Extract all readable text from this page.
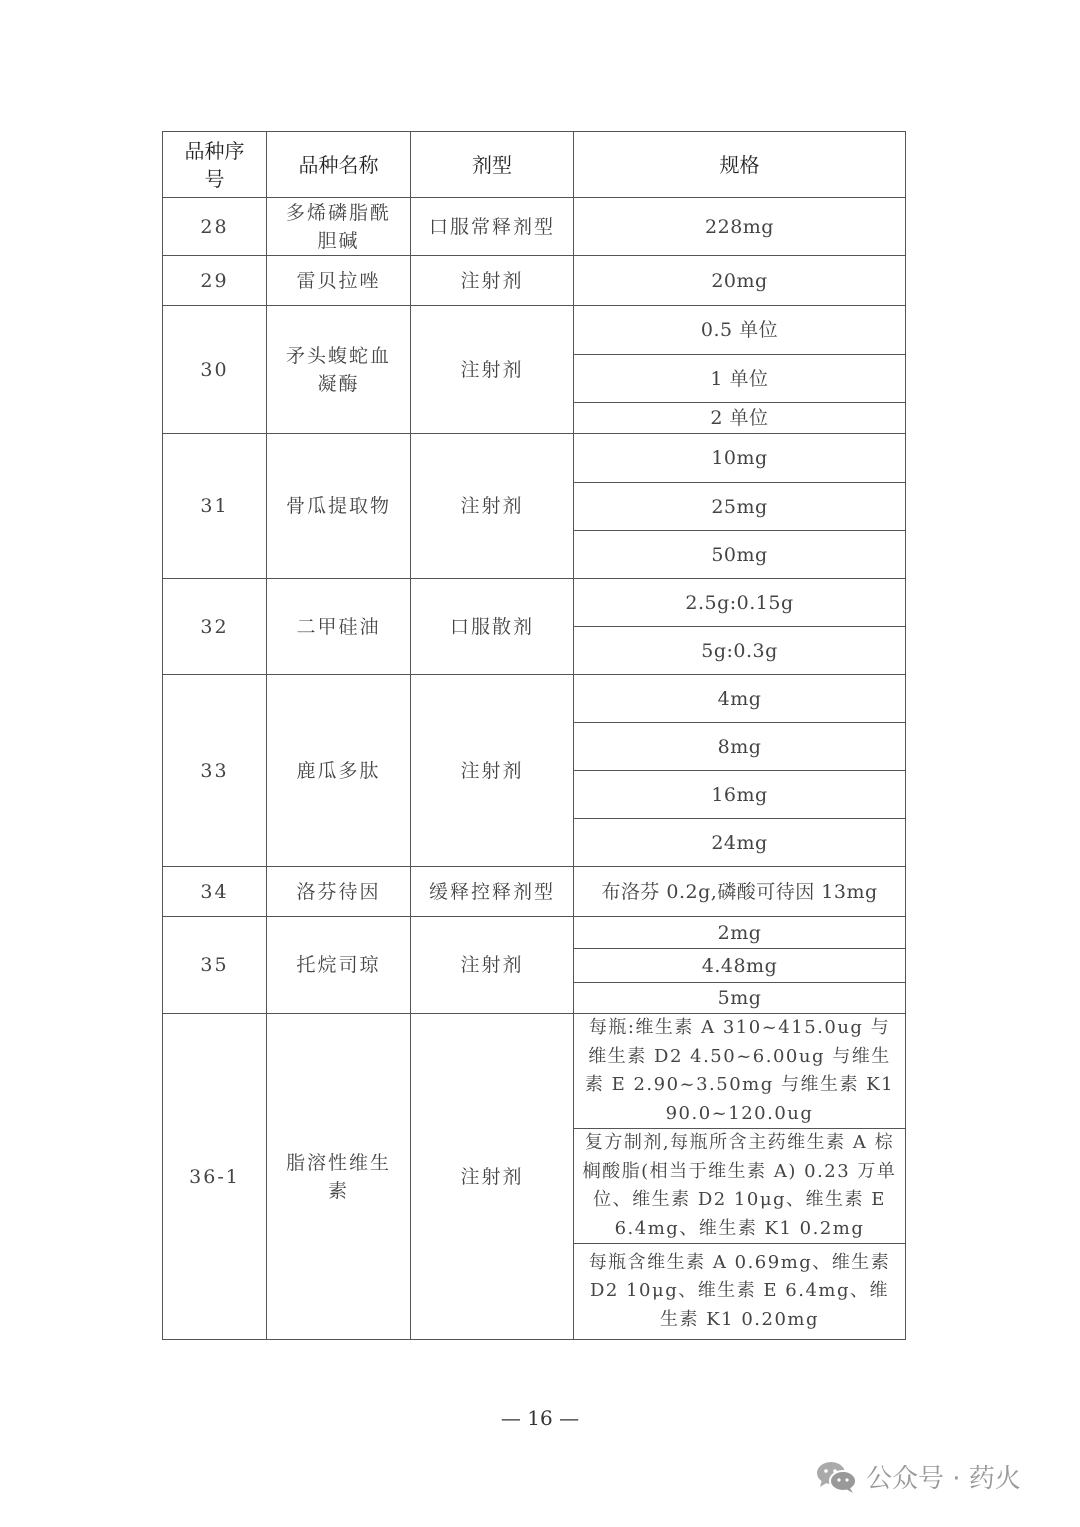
品种序号	品种名称	剂型	规格
28	多烯磷脂酰胆碱	口服常释剂型	228mg
29	雷贝拉唑	注射剂	20mg
30	矛头蝮蛇血凝酶	注射剂	0.5 单位
			1 单位
			2 单位
31	骨瓜提取物	注射剂	10mg
			25mg
			50mg
32	二甲硅油	口服散剂	2.5g:0.15g
			5g:0.3g
33	鹿瓜多肽	注射剂	4mg
			8mg
			16mg
			24mg
34	洛芬待因	缓释控释剂型	布洛芬 0.2g,磷酸可待因 13mg
35	托烷司琼	注射剂	2mg
			4.48mg
			5mg
36-1	脂溶性维生素	注射剂	每瓶:维生素 A 310~415.0ug 与维生素 D2 4.50~6.00ug 与维生素 E 2.90~3.50mg 与维生素 K1 90.0~120.0ug
			复方制剂,每瓶所含主药维生素 A 棕榈酸脂(相当于维生素 A) 0.23 万单位、维生素 D2 10μg、维生素 E 6.4mg、维生素 K1 0.2mg
			每瓶含维生素 A 0.69mg、维生素 D2 10μg、维生素 E 6.4mg、维生素 K1 0.20mg
— 16 —
公众号 · 药火
